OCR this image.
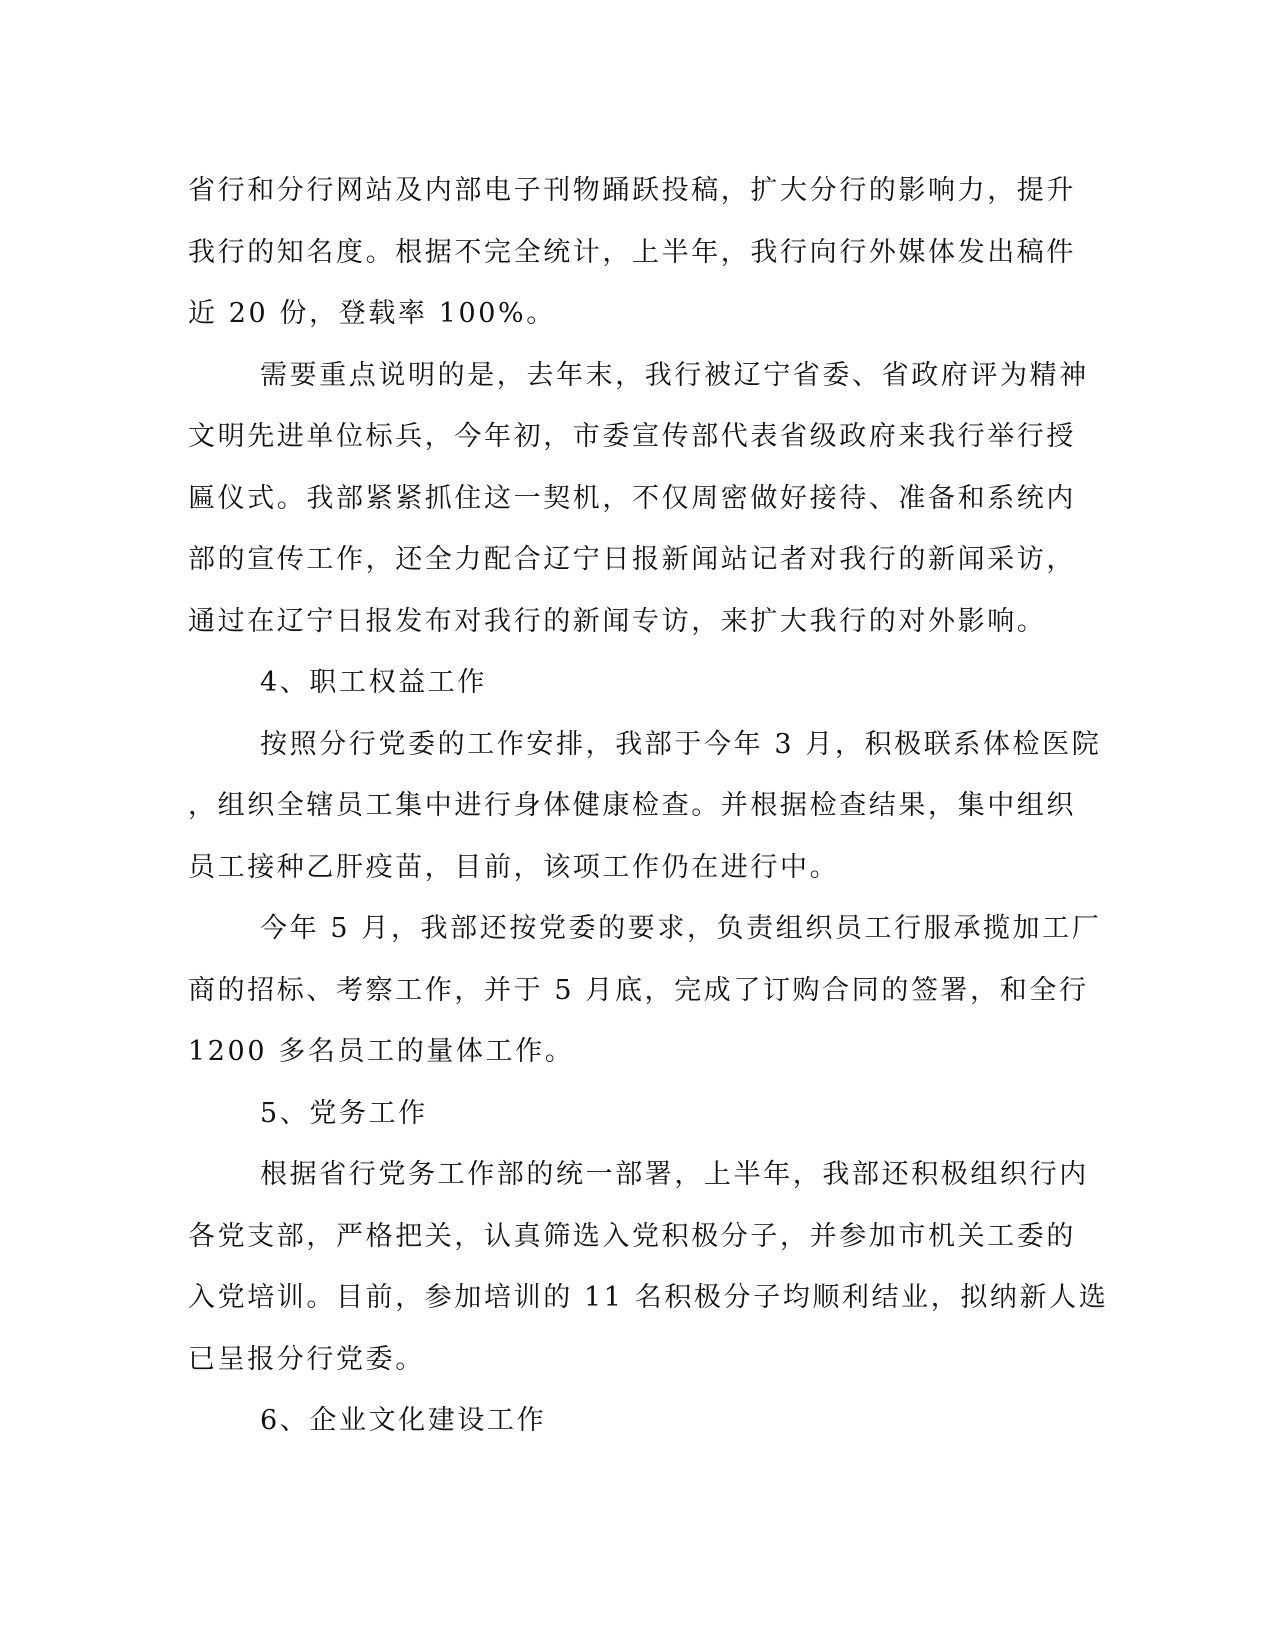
省行和分行网站及内部电子刊物踊跃投稿，扩大分行的影响力，提升
我行的知名度。根据不完全统计，上半年，我行向行外媒体发出稿件
近 20 份，登载率 100%。
需要重点说明的是，去年末，我行被辽宁省委、省政府评为精神
文明先进单位标兵，今年初，市委宣传部代表省级政府来我行举行授
匾仪式。我部紧紧抓住这一契机，不仅周密做好接待、准备和系统内
部的宣传工作，还全力配合辽宁日报新闻站记者对我行的新闻采访，
通过在辽宁日报发布对我行的新闻专访，来扩大我行的对外影响。
4、职工权益工作
按照分行党委的工作安排，我部于今年 3 月，积极联系体检医院
，组织全辖员工集中进行身体健康检查。并根据检查结果，集中组织
员工接种乙肝疫苗，目前，该项工作仍在进行中。
今年 5 月，我部还按党委的要求，负责组织员工行服承揽加工厂
商的招标、考察工作，并于 5 月底，完成了订购合同的签署，和全行
1200 多名员工的量体工作。
5、党务工作
根据省行党务工作部的统一部署，上半年，我部还积极组织行内
各党支部，严格把关，认真筛选入党积极分子，并参加市机关工委的
入党培训。目前，参加培训的 11 名积极分子均顺利结业，拟纳新人选
已呈报分行党委。
6、企业文化建设工作
